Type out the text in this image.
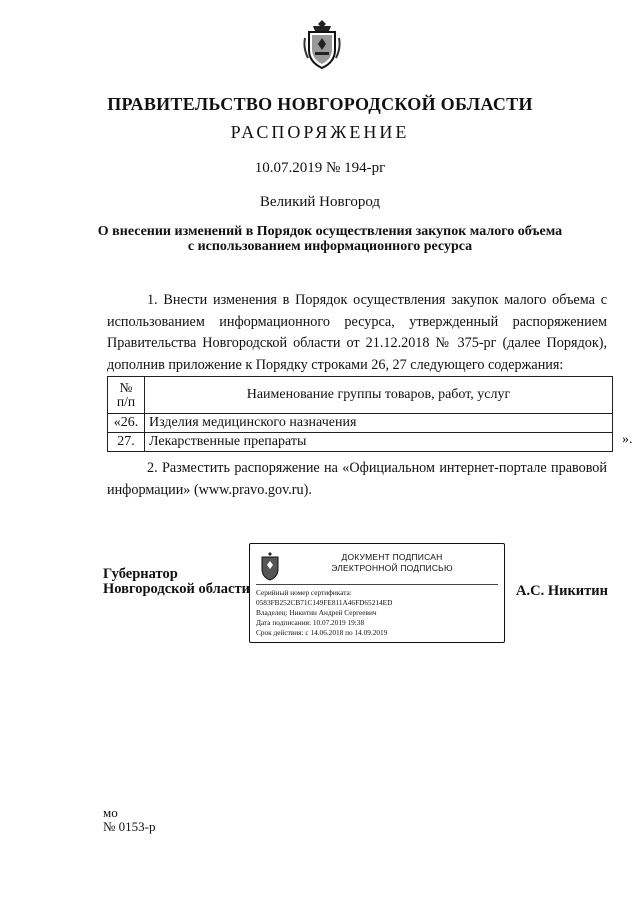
ПРАВИТЕЛЬСТВО НОВГОРОДСКОЙ ОБЛАСТИ
РАСПОРЯЖЕНИЕ
10.07.2019 № 194-рг
Великий Новгород
О внесении изменений в Порядок осуществления закупок малого объема
с использованием информационного ресурса
1. Внести изменения в Порядок осуществления закупок малого объема с использованием информационного ресурса, утвержденный распоряжением Правительства Новгородской области от 21.12.2018 № 375-рг (далее Порядок), дополнив приложение к Порядку строками 26, 27 следующего содержания:
№
п/п	Наименование группы товаров, работ, услуг
«26.	Изделия медицинского назначения
27.	Лекарственные препараты	».
2. Разместить распоряжение на «Официальном интернет-портале правовой информации» (www.pravo.gov.ru).
Губернатор
Новгородской области
ДОКУМЕНТ ПОДПИСАН
ЭЛЕКТРОННОЙ ПОДПИСЬЮ
Серийный номер сертификата:
0583FB252CB71C149FE811A46FD65214ED
Владелец: Никитин Андрей Сергеевич
Дата подписания: 10.07.2019 19:38
Срок действия: с 14.06.2018 по 14.09.2019
А.С. Никитин
мо
№ 0153-р
